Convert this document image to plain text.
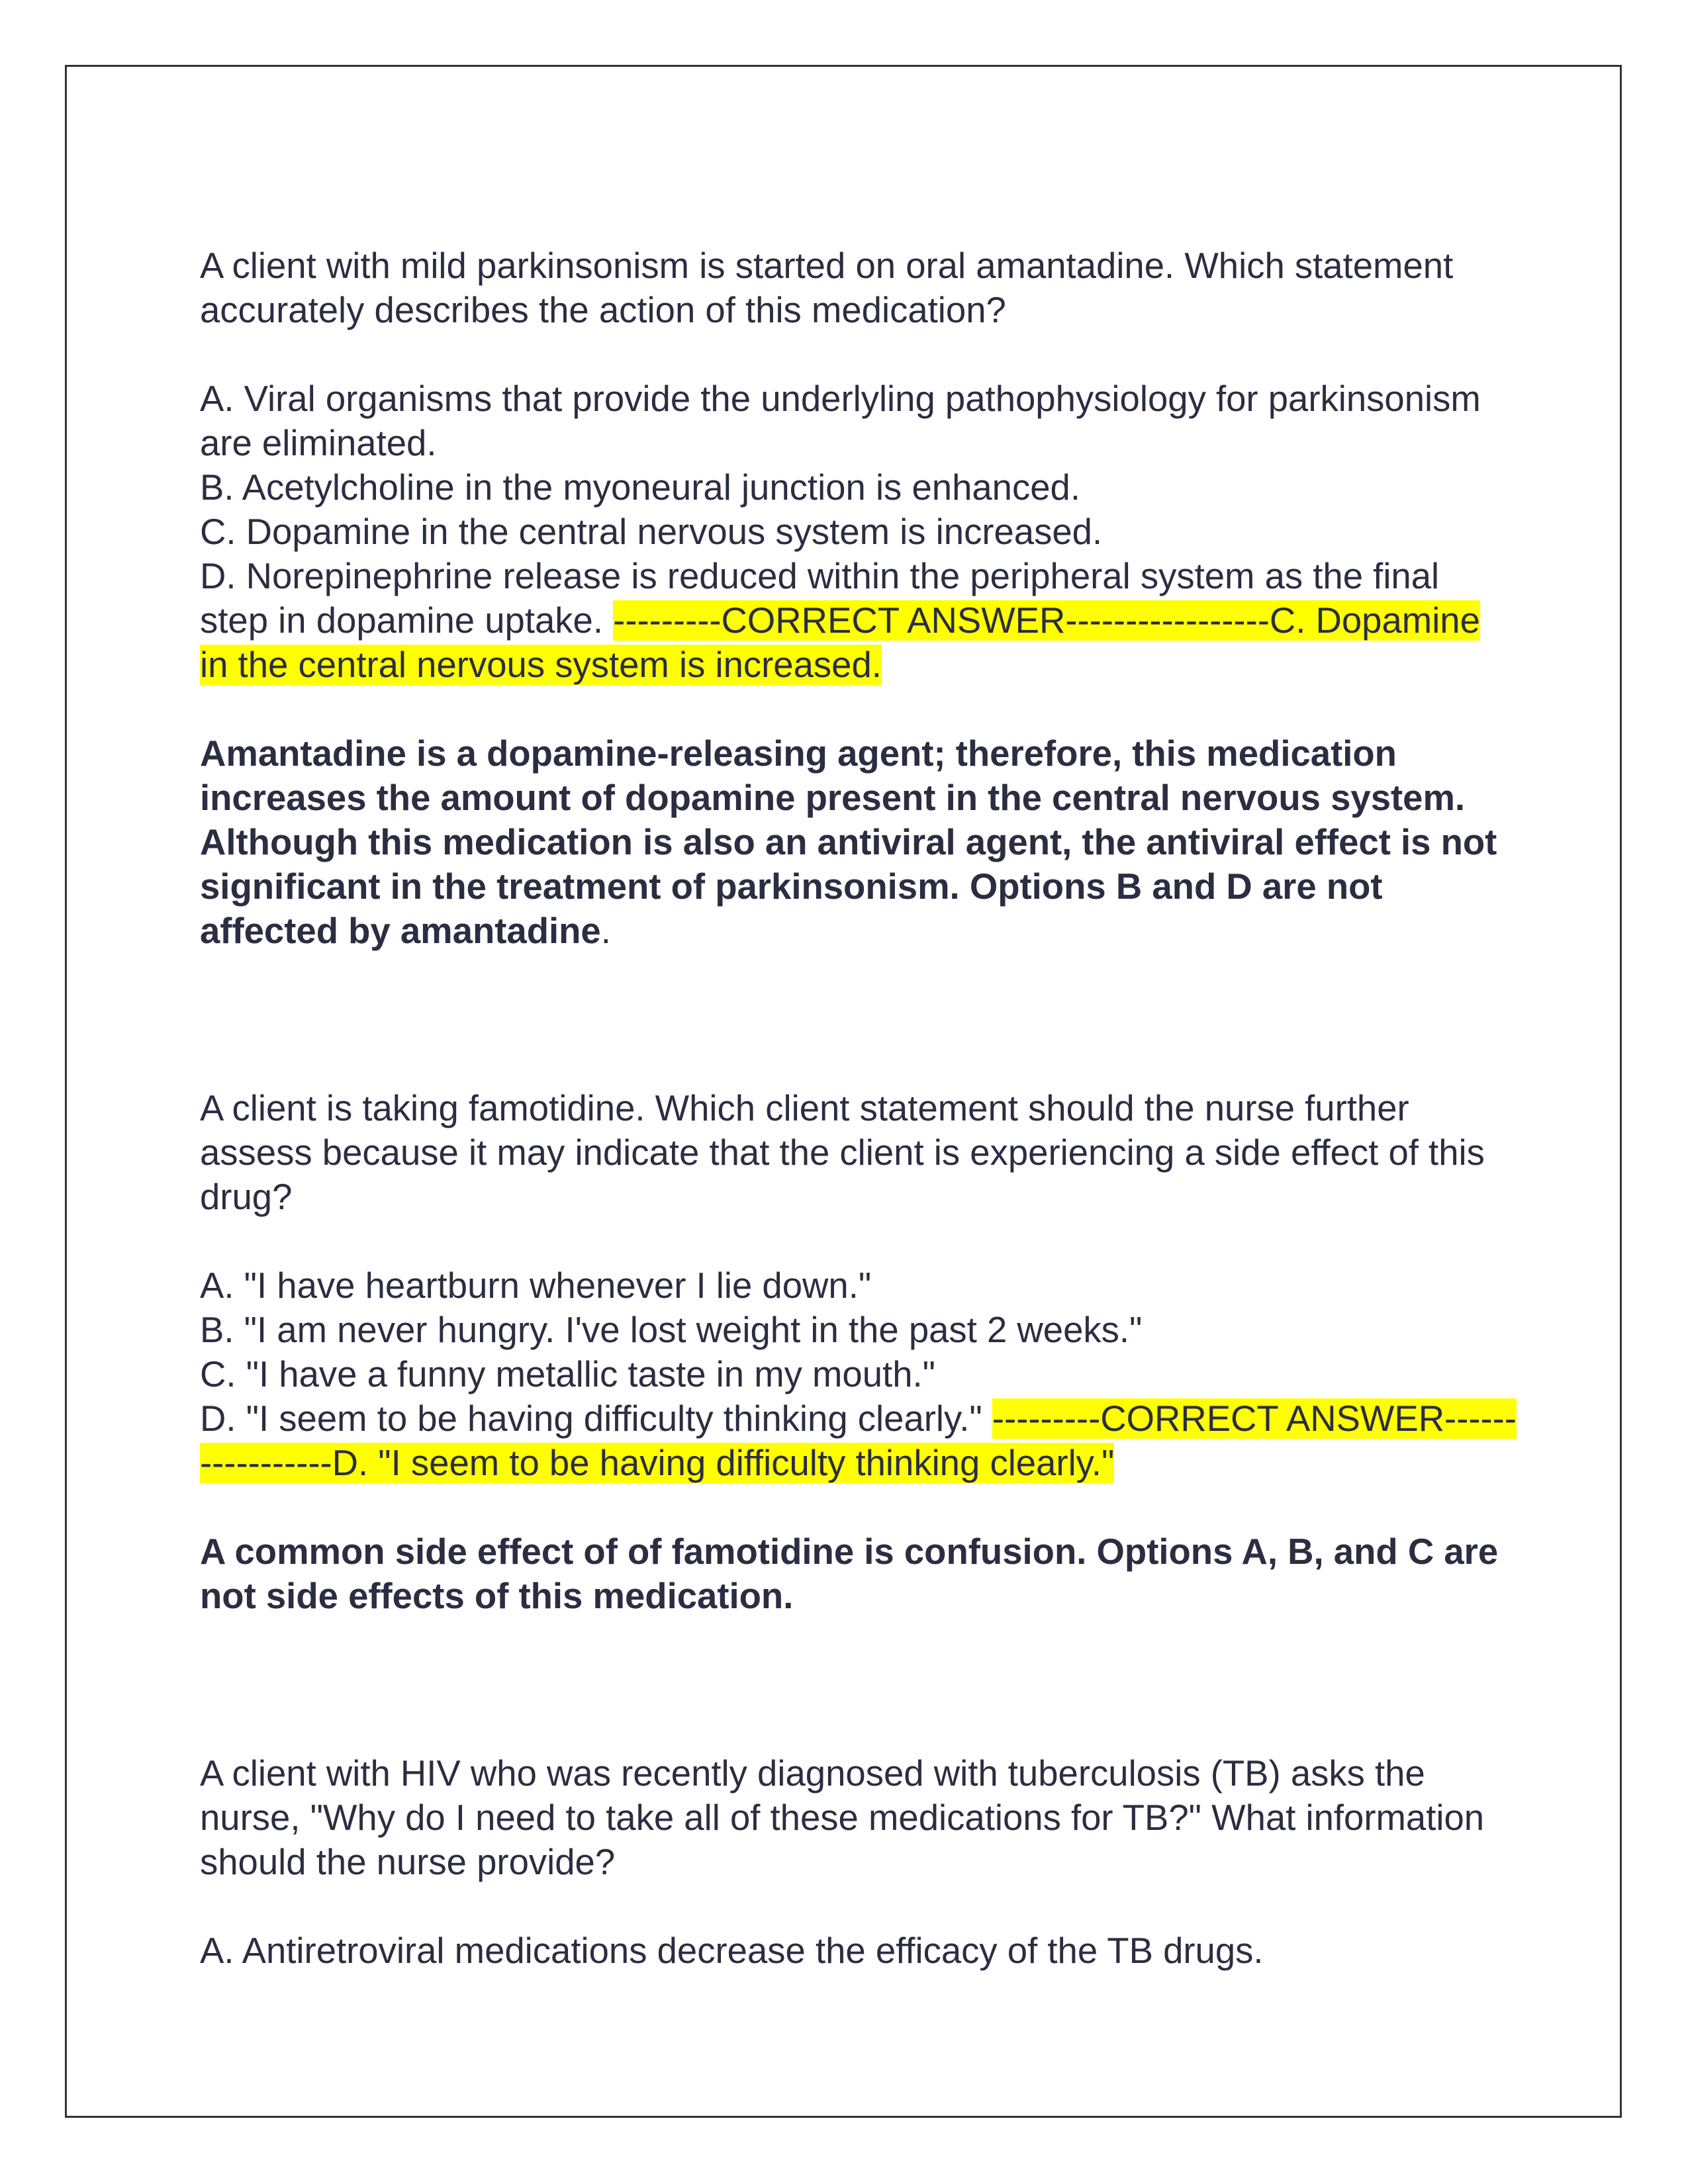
A client with mild parkinsonism is started on oral amantadine. Which statement accurately describes the action of this medication?

A. Viral organisms that provide the underlyling pathophysiology for parkinsonism are eliminated.

B. Acetylcholine in the myoneural junction is enhanced.

C. Dopamine in the central nervous system is increased.

D. Norepinephrine release is reduced within the peripheral system as the final step in dopamine uptake. ---------CORRECT ANSWER-----------------C. Dopamine in the central nervous system is increased.

Amantadine is a dopamine-releasing agent; therefore, this medication increases the amount of dopamine present in the central nervous system. Although this medication is also an antiviral agent, the antiviral effect is not significant in the treatment of parkinsonism. Options B and D are not affected by amantadine.

A client is taking famotidine. Which client statement should the nurse further assess because it may indicate that the client is experiencing a side effect of this drug?

A. "I have heartburn whenever I lie down."

B. "I am never hungry. I've lost weight in the past 2 weeks."

C. "I have a funny metallic taste in my mouth."

D. "I seem to be having difficulty thinking clearly." ---------CORRECT ANSWER-----------------D. "I seem to be having difficulty thinking clearly."

A common side effect of of famotidine is confusion. Options A, B, and C are not side effects of this medication.

A client with HIV who was recently diagnosed with tuberculosis (TB) asks the nurse, "Why do I need to take all of these medications for TB?" What information should the nurse provide?

A. Antiretroviral medications decrease the efficacy of the TB drugs.
